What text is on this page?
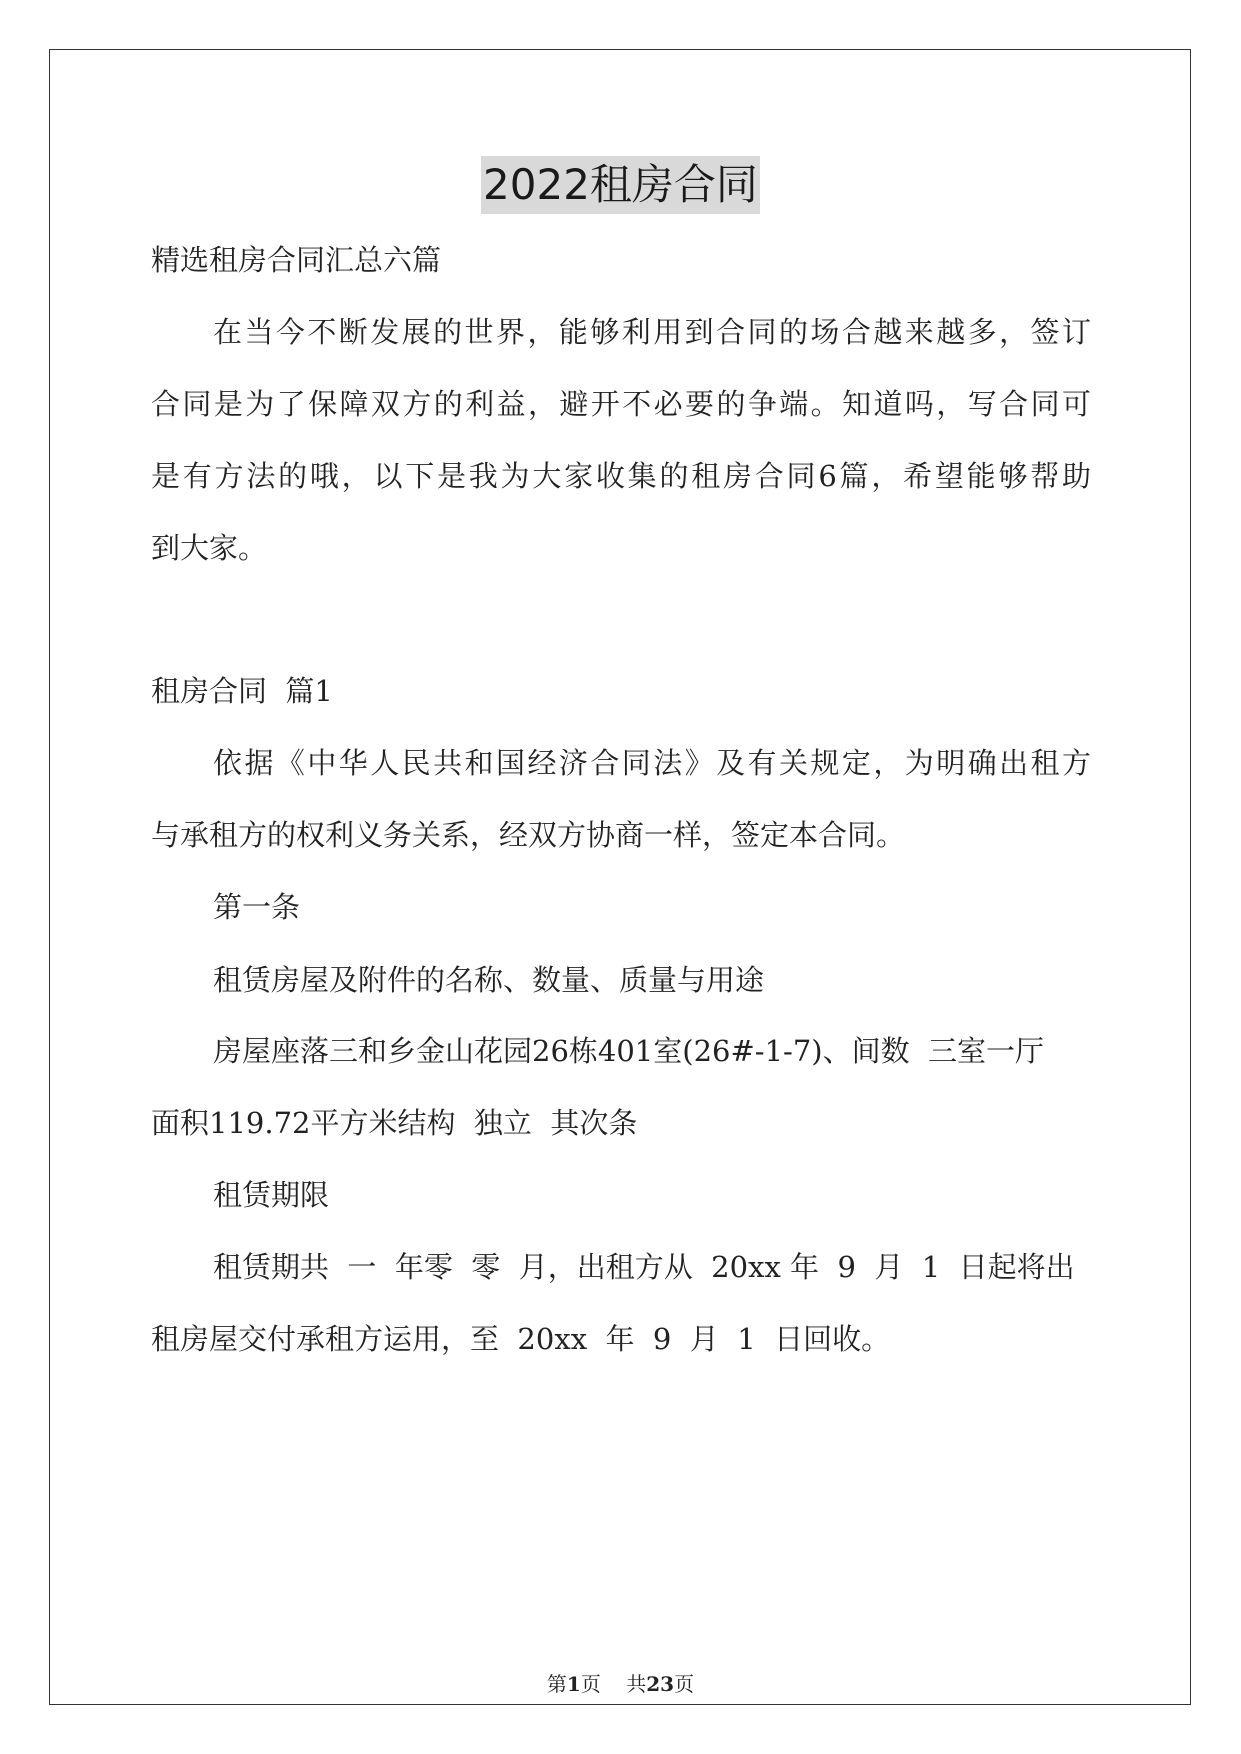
2022租房合同
精选租房合同汇总六篇
在当今不断发展的世界，能够利用到合同的场合越来越多，签订
合同是为了保障双方的利益，避开不必要的争端。知道吗，写合同可
是有方法的哦，以下是我为大家收集的租房合同6篇，希望能够帮助
到大家。
租房合同  篇1
依据《中华人民共和国经济合同法》及有关规定，为明确出租方
与承租方的权利义务关系，经双方协商一样，签定本合同。
第一条
租赁房屋及附件的名称、数量、质量与用途
房屋座落三和乡金山花园26栋401室(26#-1-7)、间数  三室一厅
面积119.72平方米结构  独立  其次条
租赁期限
租赁期共  一  年零  零  月，出租方从  20xx 年  9  月  1  日起将出
租房屋交付承租方运用，至  20xx  年  9  月  1  日回收。
第1页    共23页
